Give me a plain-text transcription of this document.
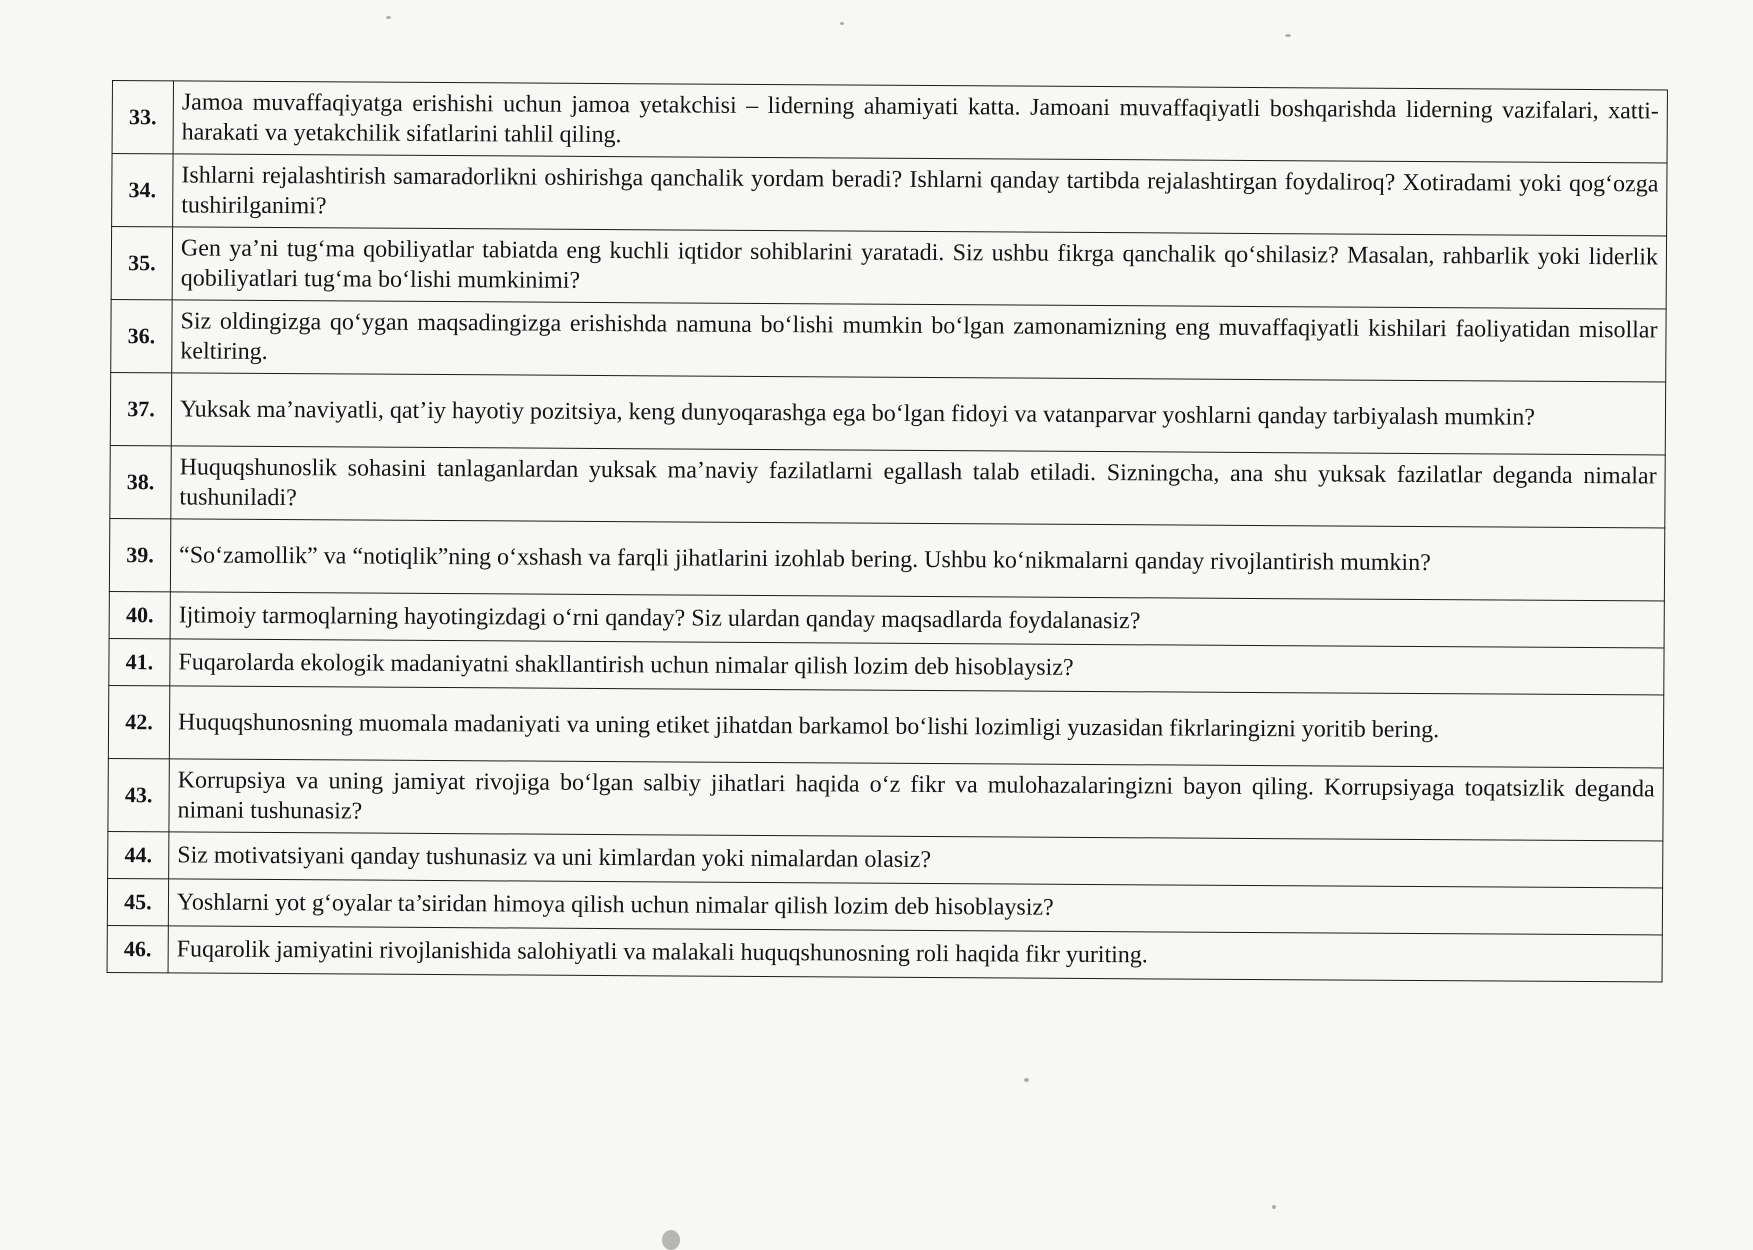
33.	Jamoa muvaffaqiyatga erishishi uchun jamoa yetakchisi – liderning ahamiyati katta. Jamoani muvaffaqiyatli boshqarishda liderning vazifalari, xatti-harakati va yetakchilik sifatlarini tahlil qiling.
34.	Ishlarni rejalashtirish samaradorlikni oshirishga qanchalik yordam beradi? Ishlarni qanday tartibda rejalashtirgan foydaliroq? Xotiradami yoki qog‘ozga tushirilganimi?
35.	Gen ya’ni tug‘ma qobiliyatlar tabiatda eng kuchli iqtidor sohiblarini yaratadi. Siz ushbu fikrga qanchalik qo‘shilasiz? Masalan, rahbarlik yoki liderlik qobiliyatlari tug‘ma bo‘lishi mumkinimi?
36.	Siz oldingizga qo‘ygan maqsadingizga erishishda namuna bo‘lishi mumkin bo‘lgan zamonamizning eng muvaffaqiyatli kishilari faoliyatidan misollar keltiring.
37.	Yuksak ma’naviyatli, qat’iy hayotiy pozitsiya, keng dunyoqarashga ega bo‘lgan fidoyi va vatanparvar yoshlarni qanday tarbiyalash mumkin?
38.	Huquqshunoslik sohasini tanlaganlardan yuksak ma’naviy fazilatlarni egallash talab etiladi. Sizningcha, ana shu yuksak fazilatlar deganda nimalar tushuniladi?
39.	“So‘zamollik” va “notiqlik”ning o‘xshash va farqli jihatlarini izohlab bering. Ushbu ko‘nikmalarni qanday rivojlantirish mumkin?
40.	Ijtimoiy tarmoqlarning hayotingizdagi o‘rni qanday? Siz ulardan qanday maqsadlarda foydalanasiz?
41.	Fuqarolarda ekologik madaniyatni shakllantirish uchun nimalar qilish lozim deb hisoblaysiz?
42.	Huquqshunosning muomala madaniyati va uning etiket jihatdan barkamol bo‘lishi lozimligi yuzasidan fikrlaringizni yoritib bering.
43.	Korrupsiya va uning jamiyat rivojiga bo‘lgan salbiy jihatlari haqida o‘z fikr va mulohazalaringizni bayon qiling. Korrupsiyaga toqatsizlik deganda nimani tushunasiz?
44.	Siz motivatsiyani qanday tushunasiz va uni kimlardan yoki nimalardan olasiz?
45.	Yoshlarni yot g‘oyalar ta’siridan himoya qilish uchun nimalar qilish lozim deb hisoblaysiz?
46.	Fuqarolik jamiyatini rivojlanishida salohiyatli va malakali huquqshunosning roli haqida fikr yuriting.
